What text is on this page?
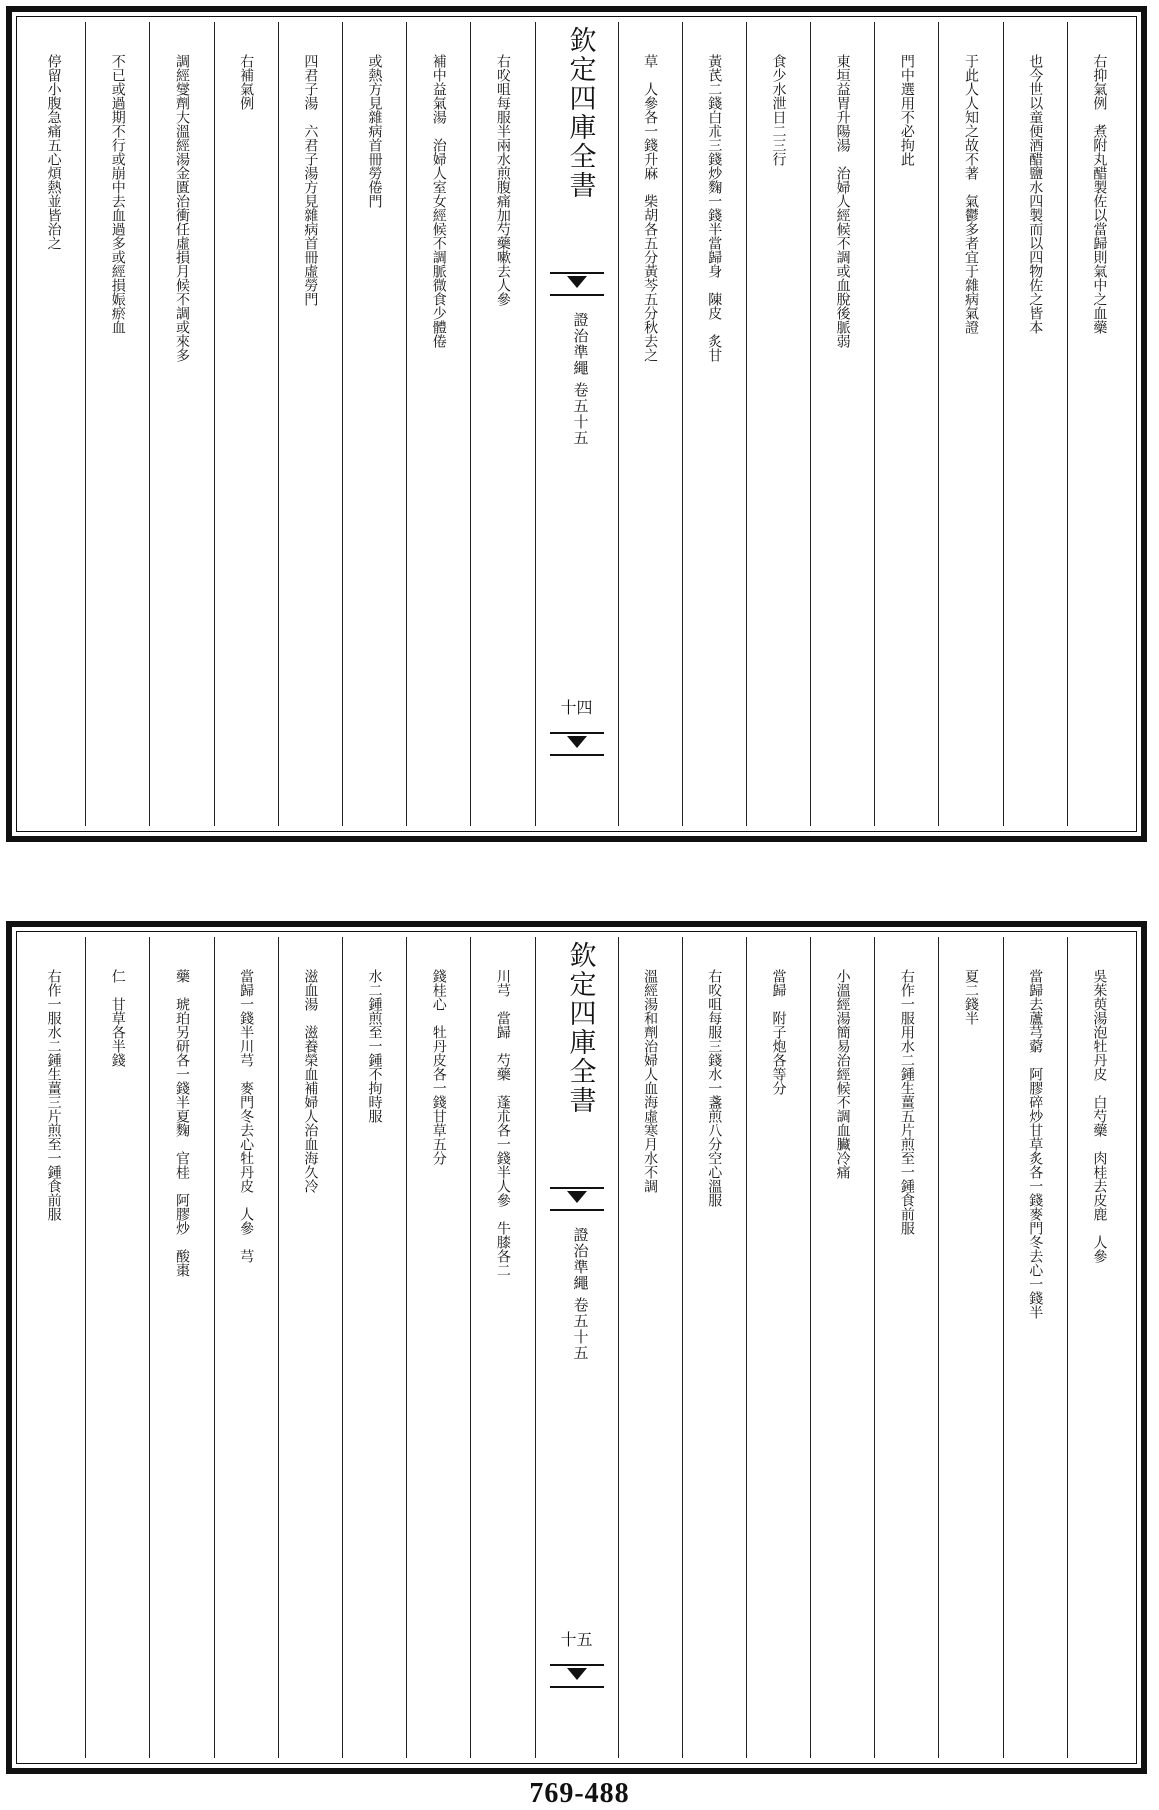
右抑氣例　煮附丸醋製佐以當歸則氣中之血藥
也今世以童便酒醋鹽水四製而以四物佐之皆本
于此人人知之故不著　氣鬱多者宜于雜病氣證
門中選用不必拘此
東垣益胃升陽湯　治婦人經候不調或血脫後脈弱
食少水泄日二三行
黃芪二錢白朮三錢炒麴一錢半當歸身　陳皮　炙甘
草　人參各一錢升麻　柴胡各五分黃芩五分秋去之
欽定四庫全書
證治準繩 卷五十五
十四
右㕮咀每服半兩水煎腹痛加芍藥嗽去人參
補中益氣湯　治婦人室女經候不調脈微食少體倦
或熱方見雜病首冊勞倦門
四君子湯　六君子湯方見雜病首冊虛勞門
右補氣例
調經燮劑大溫經湯金匱治衝任虛損月候不調或來多
不已或過期不行或崩中去血過多或經損娠瘀血
停留小腹急痛五心煩熱並皆治之
吳茱萸湯泡牡丹皮　白芍藥　肉桂去皮鹿　人參
當歸去蘆芎藭　阿膠碎炒甘草炙各一錢麥門冬去心一錢半
夏二錢半
右作一服用水二鍾生薑五片煎至一鍾食前服
小溫經湯簡易治經候不調血臟冷痛
當歸　附子炮各等分
右㕮咀每服三錢水一盞煎八分空心溫服
溫經湯和劑治婦人血海虛寒月水不調
欽定四庫全書
證治準繩 卷五十五
十五
川芎　當歸　芍藥　蓬朮各一錢半人參　牛膝各二
錢桂心　牡丹皮各一錢甘草五分
水二鍾煎至一鍾不拘時服
滋血湯　滋養榮血補婦人治血海久冷
當歸一錢半川芎　麥門冬去心牡丹皮　人參　芎
藥　琥珀另研各一錢半夏麴　官桂　阿膠炒　酸棗
仁　甘草各半錢
右作一服水二鍾生薑三片煎至一鍾食前服
769-488
